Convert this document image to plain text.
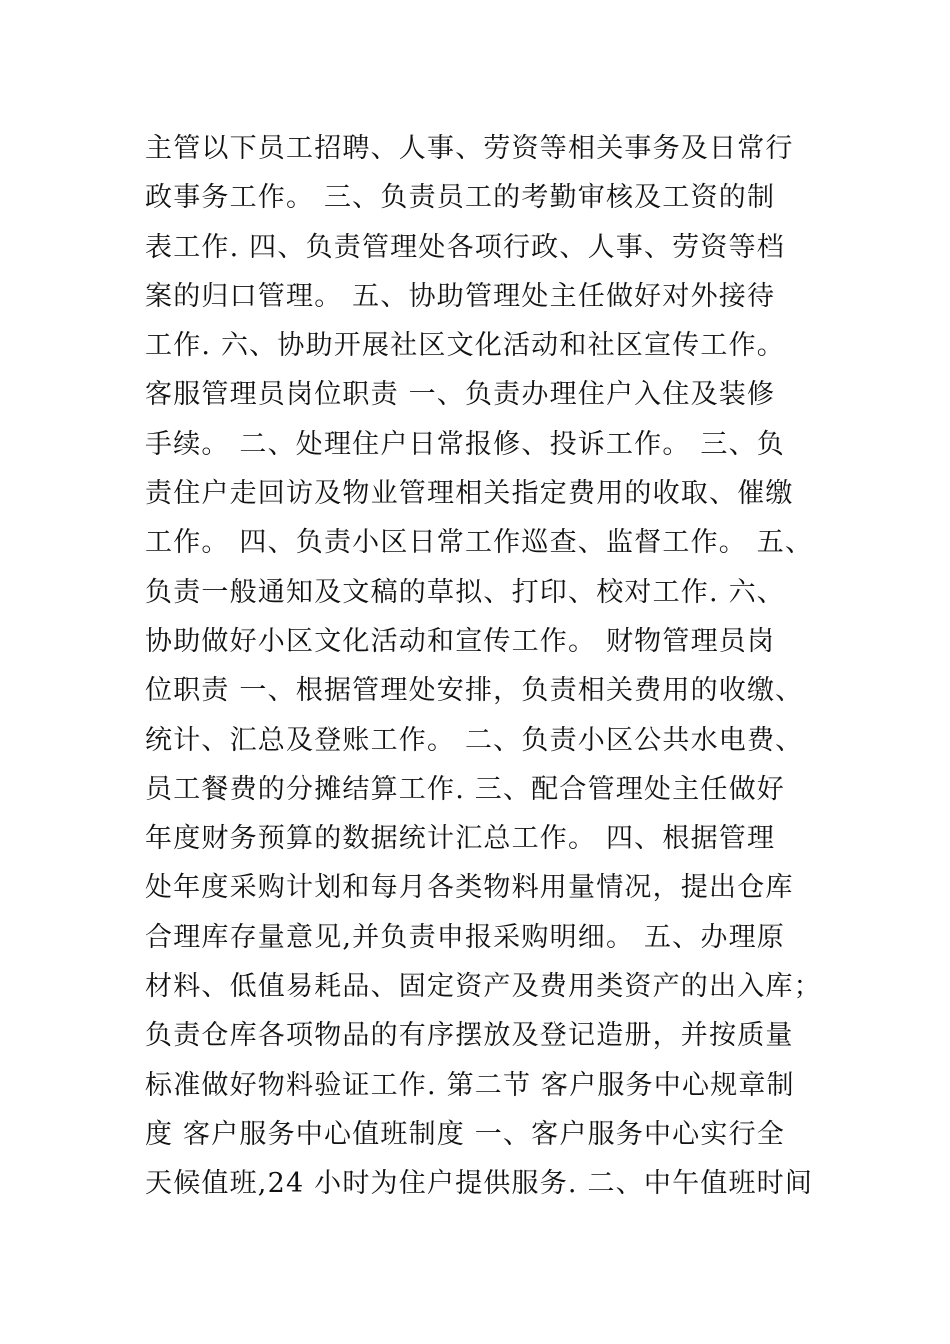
主管以下员工招聘、人事、劳资等相关事务及日常行
政事务工作。 三、负责员工的考勤审核及工资的制
表工作. 四、负责管理处各项行政、人事、劳资等档
案的归口管理。 五、协助管理处主任做好对外接待
工作. 六、协助开展社区文化活动和社区宣传工作。
客服管理员岗位职责 一、负责办理住户入住及装修
手续。 二、处理住户日常报修、投诉工作。 三、负
责住户走回访及物业管理相关指定费用的收取、催缴
工作。 四、负责小区日常工作巡查、监督工作。 五、
负责一般通知及文稿的草拟、打印、校对工作. 六、
协助做好小区文化活动和宣传工作。 财物管理员岗
位职责 一、根据管理处安排，负责相关费用的收缴、
统计、汇总及登账工作。 二、负责小区公共水电费、
员工餐费的分摊结算工作. 三、配合管理处主任做好
年度财务预算的数据统计汇总工作。 四、根据管理
处年度采购计划和每月各类物料用量情况，提出仓库
合理库存量意见,并负责申报采购明细。 五、办理原
材料、低值易耗品、固定资产及费用类资产的出入库；
负责仓库各项物品的有序摆放及登记造册，并按质量
标准做好物料验证工作. 第二节 客户服务中心规章制
度 客户服务中心值班制度 一、客户服务中心实行全
天候值班,24 小时为住户提供服务. 二、中午值班时间
